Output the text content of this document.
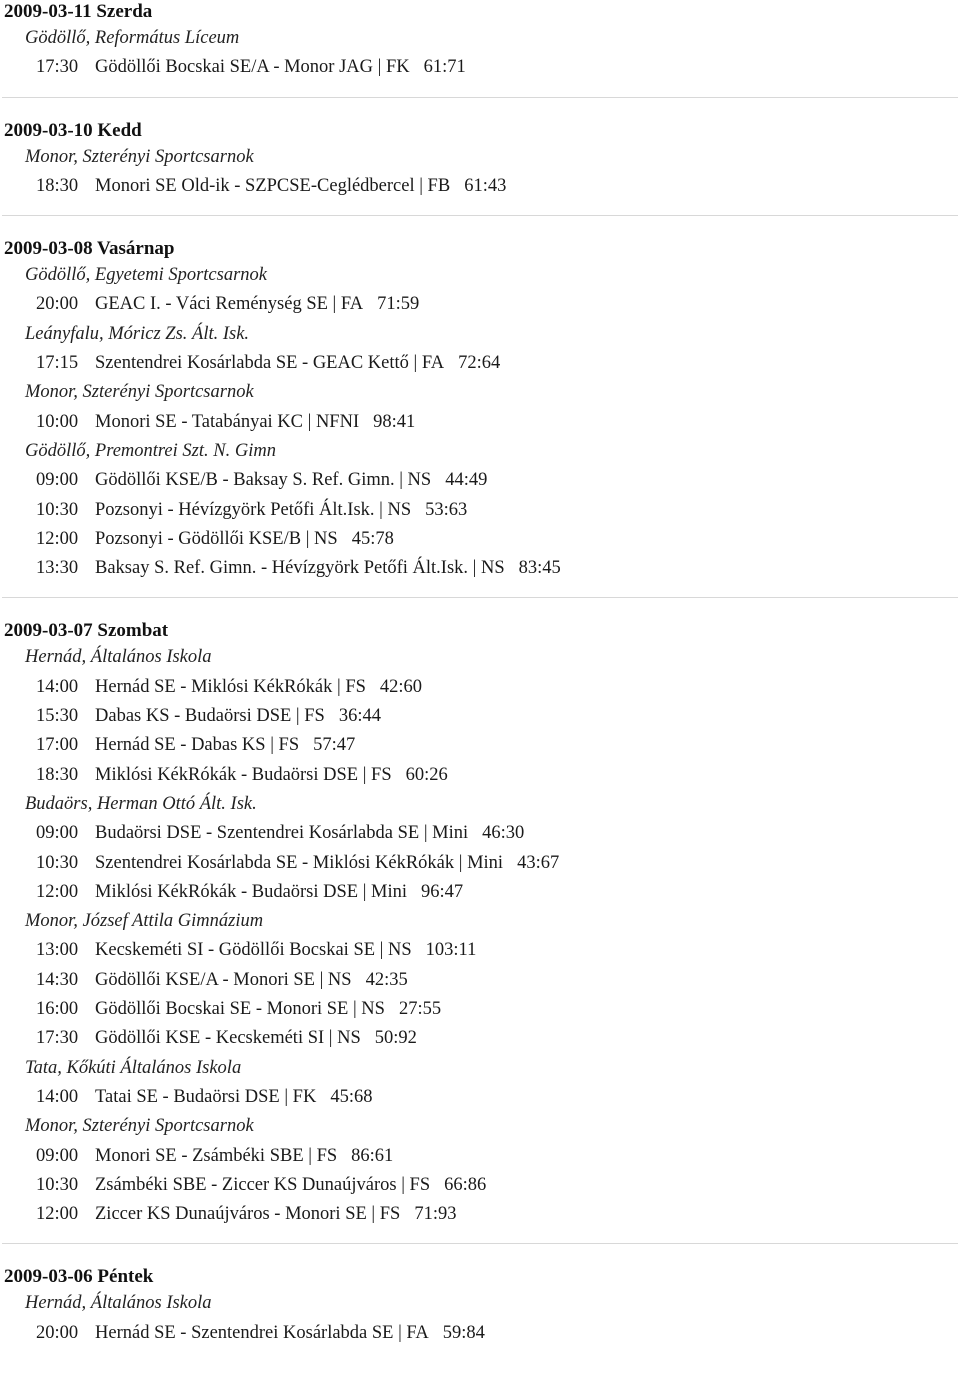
2009-03-11 Szerda
Gödöllő, Református Líceum
17:30 Gödöllői Bocskai SE/A - Monor JAG | FK 61:71
2009-03-10 Kedd
Monor, Szterényi Sportcsarnok
18:30 Monori SE Old-ik - SZPCSE-Ceglédbercel | FB 61:43
2009-03-08 Vasárnap
Gödöllő, Egyetemi Sportcsarnok
20:00 GEAC I. - Váci Reménység SE | FA 71:59
Leányfalu, Móricz Zs. Ált. Isk.
17:15 Szentendrei Kosárlabda SE - GEAC Kettő | FA 72:64
Monor, Szterényi Sportcsarnok
10:00 Monori SE - Tatabányai KC | NFNI 98:41
Gödöllő, Premontrei Szt. N. Gimn
09:00 Gödöllői KSE/B - Baksay S. Ref. Gimn. | NS 44:49
10:30 Pozsonyi - Hévízgyörk Petőfi Ált.Isk. | NS 53:63
12:00 Pozsonyi - Gödöllői KSE/B | NS 45:78
13:30 Baksay S. Ref. Gimn. - Hévízgyörk Petőfi Ált.Isk. | NS 83:45
2009-03-07 Szombat
Hernád, Általános Iskola
14:00 Hernád SE - Miklósi KékRókák | FS 42:60
15:30 Dabas KS - Budaörsi DSE | FS 36:44
17:00 Hernád SE - Dabas KS | FS 57:47
18:30 Miklósi KékRókák - Budaörsi DSE | FS 60:26
Budaörs, Herman Ottó Ált. Isk.
09:00 Budaörsi DSE - Szentendrei Kosárlabda SE | Mini 46:30
10:30 Szentendrei Kosárlabda SE - Miklósi KékRókák | Mini 43:67
12:00 Miklósi KékRókák - Budaörsi DSE | Mini 96:47
Monor, József Attila Gimnázium
13:00 Kecskeméti SI - Gödöllői Bocskai SE | NS 103:11
14:30 Gödöllői KSE/A - Monori SE | NS 42:35
16:00 Gödöllői Bocskai SE - Monori SE | NS 27:55
17:30 Gödöllői KSE - Kecskeméti SI | NS 50:92
Tata, Kőkúti Általános Iskola
14:00 Tatai SE - Budaörsi DSE | FK 45:68
Monor, Szterényi Sportcsarnok
09:00 Monori SE - Zsámbéki SBE | FS 86:61
10:30 Zsámbéki SBE - Ziccer KS Dunaújváros | FS 66:86
12:00 Ziccer KS Dunaújváros - Monori SE | FS 71:93
2009-03-06 Péntek
Hernád, Általános Iskola
20:00 Hernád SE - Szentendrei Kosárlabda SE | FA 59:84
